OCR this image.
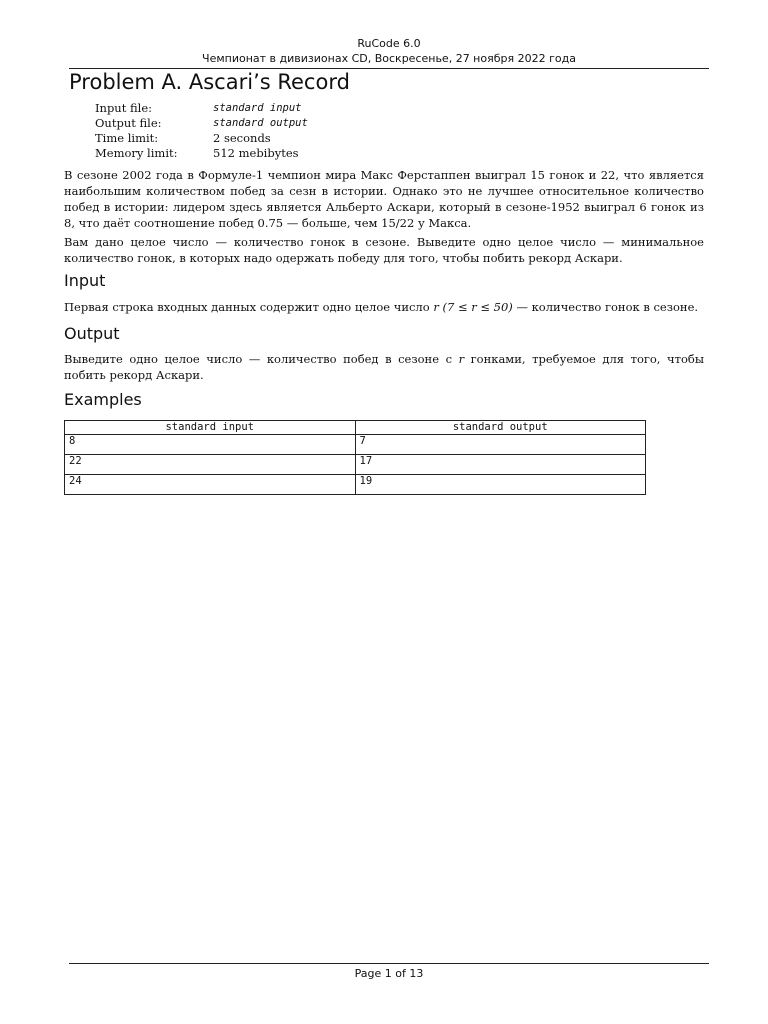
RuCode 6.0
Чемпионат в дивизионах CD, Воскресенье, 27 ноября 2022 года
Problem A. Ascari’s Record
Input file:	standard input
Output file:	standard output
Time limit:	2 seconds
Memory limit:	512 mebibytes

В сезоне 2002 года в Формуле-1 чемпион мира Макс Ферстаппен выиграл 15 гонок и 22, что является наибольшим количеством побед за сезн в истории. Однако это не лучшее относительное количество побед в истории: лидером здесь является Альберто Аскари, который в сезоне-1952 выиграл 6 гонок из 8, что даёт соотношение побед 0.75 — больше, чем 15/22 у Макса.

Вам дано целое число — количество гонок в сезоне. Выведите одно целое число — минимальное количество гонок, в которых надо одержать победу для того, чтобы побить рекорд Аскари.

Input

Первая строка входных данных содержит одно целое число r (7 ≤ r ≤ 50) — количество гонок в сезоне.

Output

Выведите одно целое число — количество побед в сезоне с r гонками, требуемое для того, чтобы побить рекорд Аскари.

Examples
standard input	standard output
8	7
22	17
24	19
Page 1 of 13
